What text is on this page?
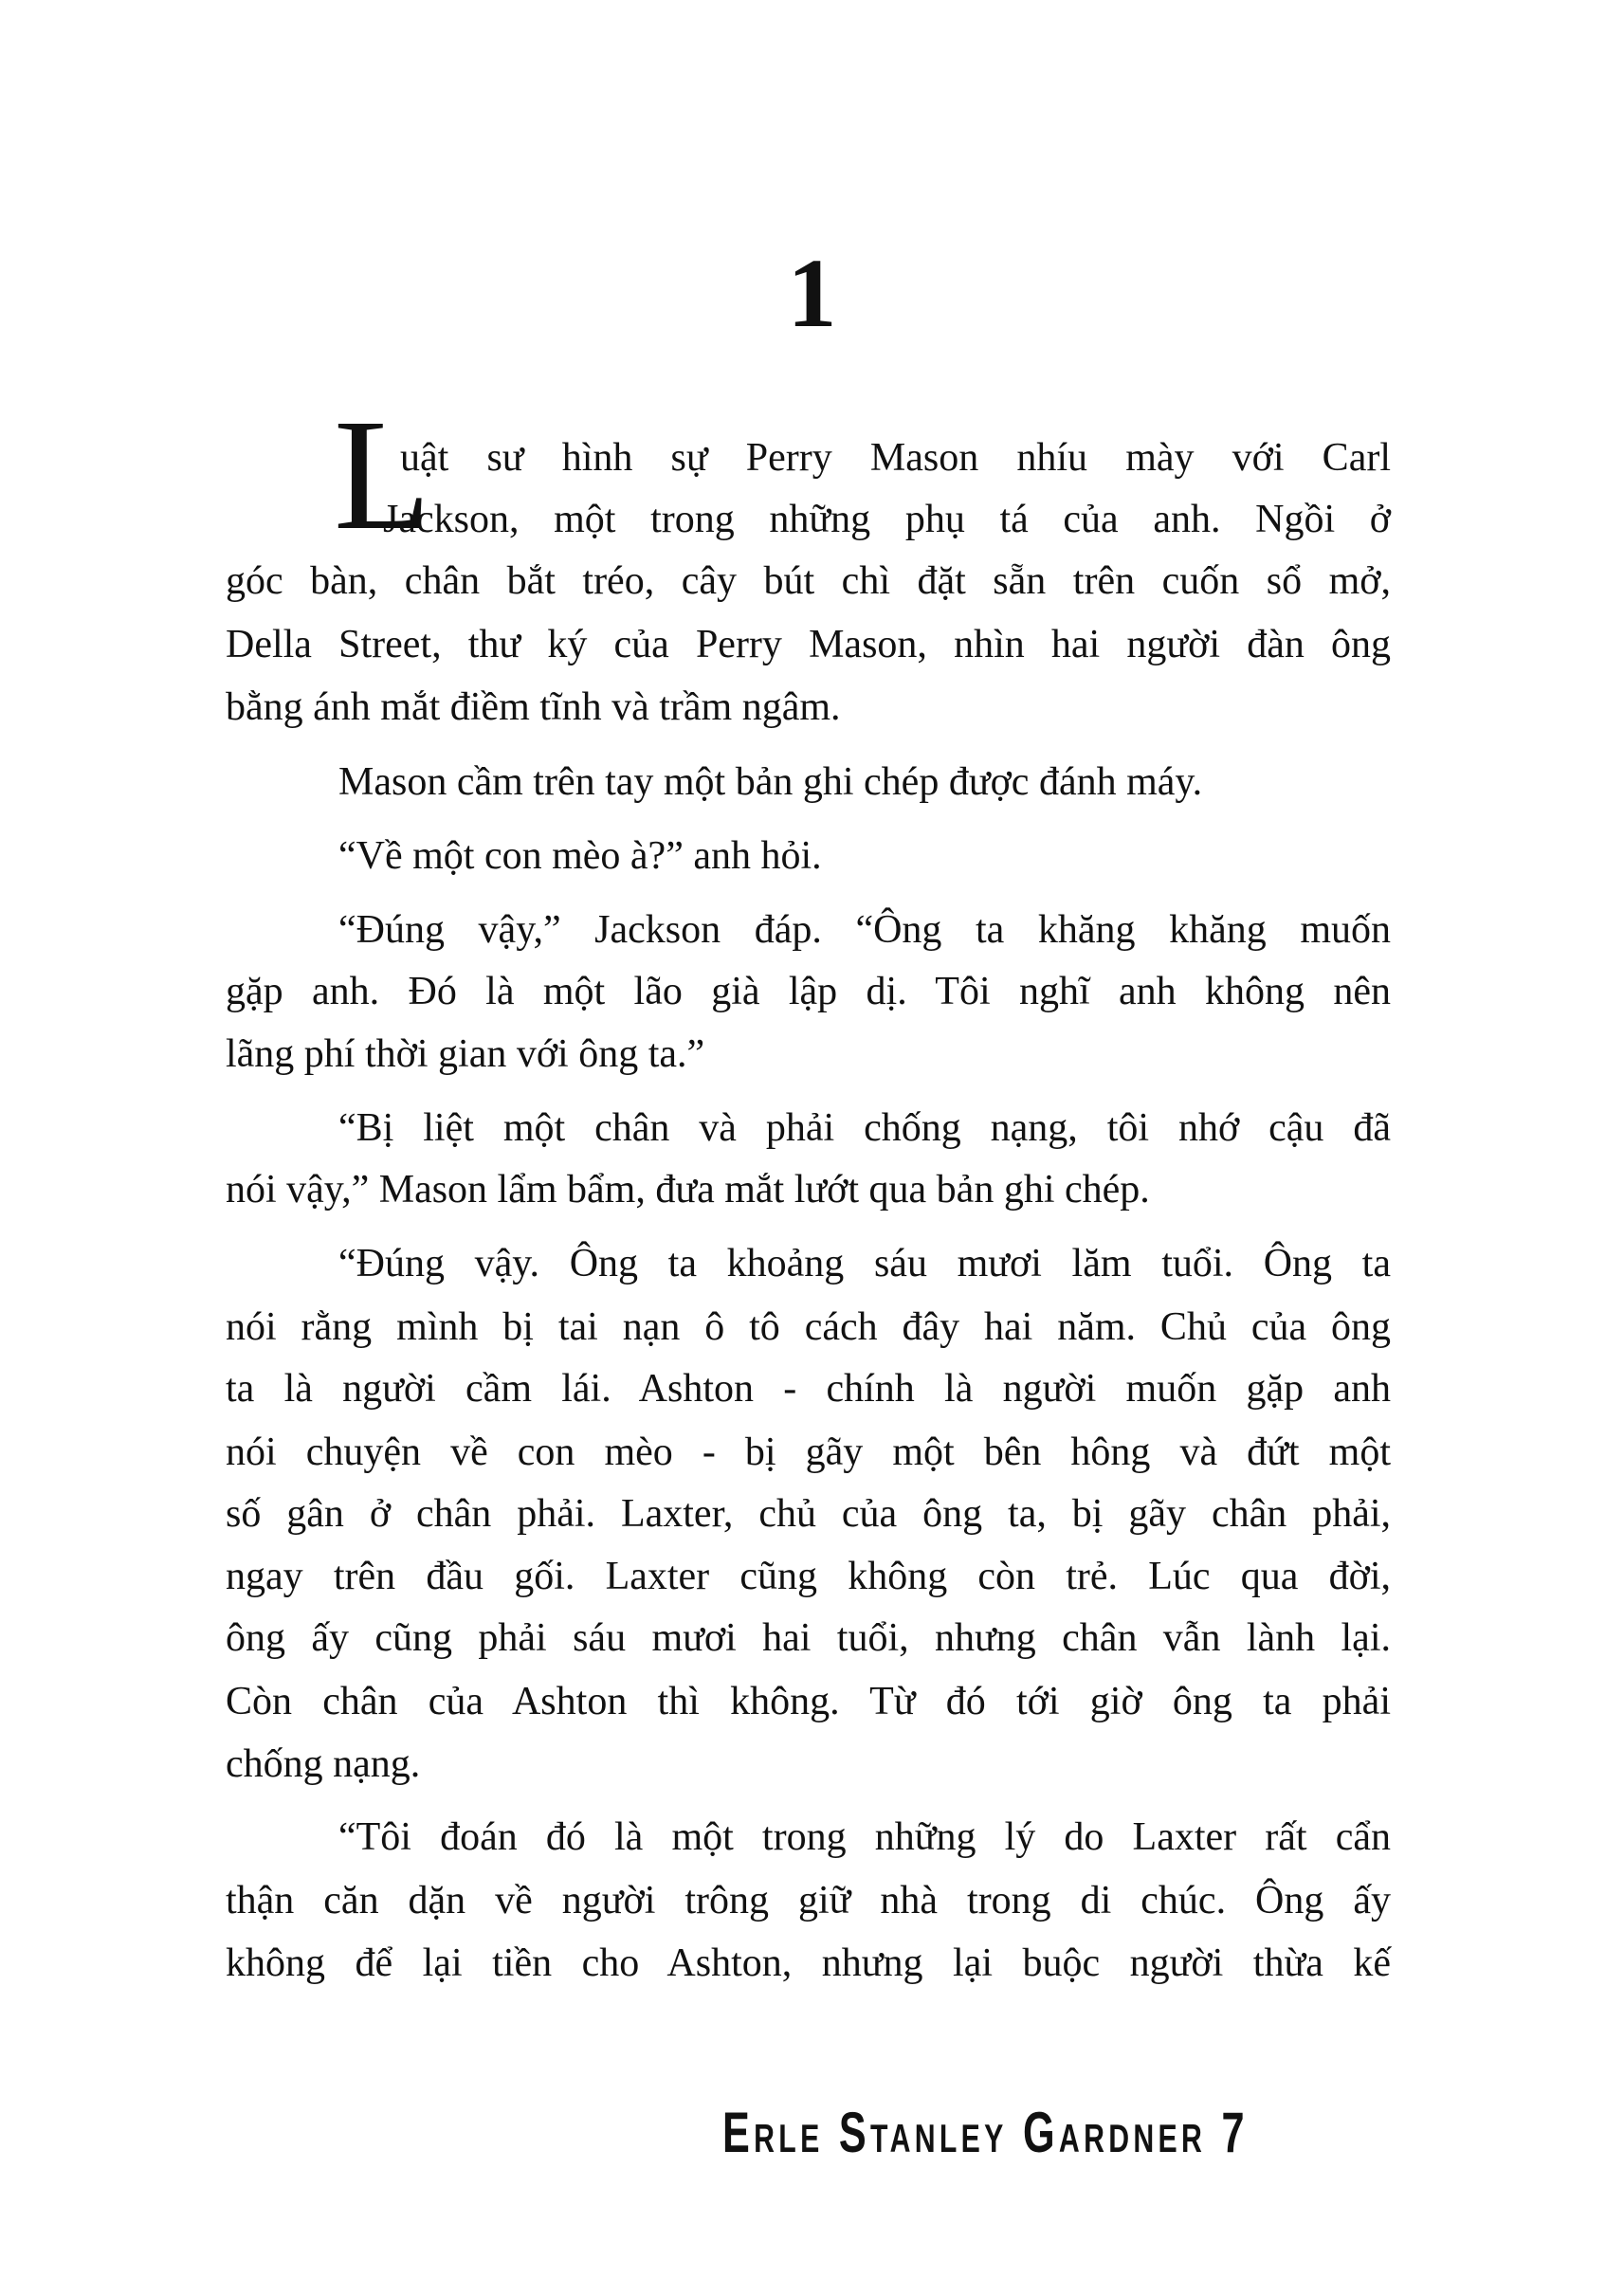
1
L
uật sư hình sự Perry Mason nhíu mày với Carl
Jackson, một trong những phụ tá của anh. Ngồi ở
góc bàn, chân bắt tréo, cây bút chì đặt sẵn trên cuốn sổ mở,
Della Street, thư ký của Perry Mason, nhìn hai người đàn ông
bằng ánh mắt điềm tĩnh và trầm ngâm.
Mason cầm trên tay một bản ghi chép được đánh máy.
“Về một con mèo à?” anh hỏi.
“Đúng vậy,” Jackson đáp. “Ông ta khăng khăng muốn
gặp anh. Đó là một lão già lập dị. Tôi nghĩ anh không nên
lãng phí thời gian với ông ta.”
“Bị liệt một chân và phải chống nạng, tôi nhớ cậu đã
nói vậy,” Mason lẩm bẩm, đưa mắt lướt qua bản ghi chép.
“Đúng vậy. Ông ta khoảng sáu mươi lăm tuổi. Ông ta
nói rằng mình bị tai nạn ô tô cách đây hai năm. Chủ của ông
ta là người cầm lái. Ashton - chính là người muốn gặp anh
nói chuyện về con mèo - bị gãy một bên hông và đứt một
số gân ở chân phải. Laxter, chủ của ông ta, bị gãy chân phải,
ngay trên đầu gối. Laxter cũng không còn trẻ. Lúc qua đời,
ông ấy cũng phải sáu mươi hai tuổi, nhưng chân vẫn lành lại.
Còn chân của Ashton thì không. Từ đó tới giờ ông ta phải
chống nạng.
“Tôi đoán đó là một trong những lý do Laxter rất cẩn
thận căn dặn về người trông giữ nhà trong di chúc. Ông ấy
không để lại tiền cho Ashton, nhưng lại buộc người thừa kế
Erle Stanley Gardner 7
